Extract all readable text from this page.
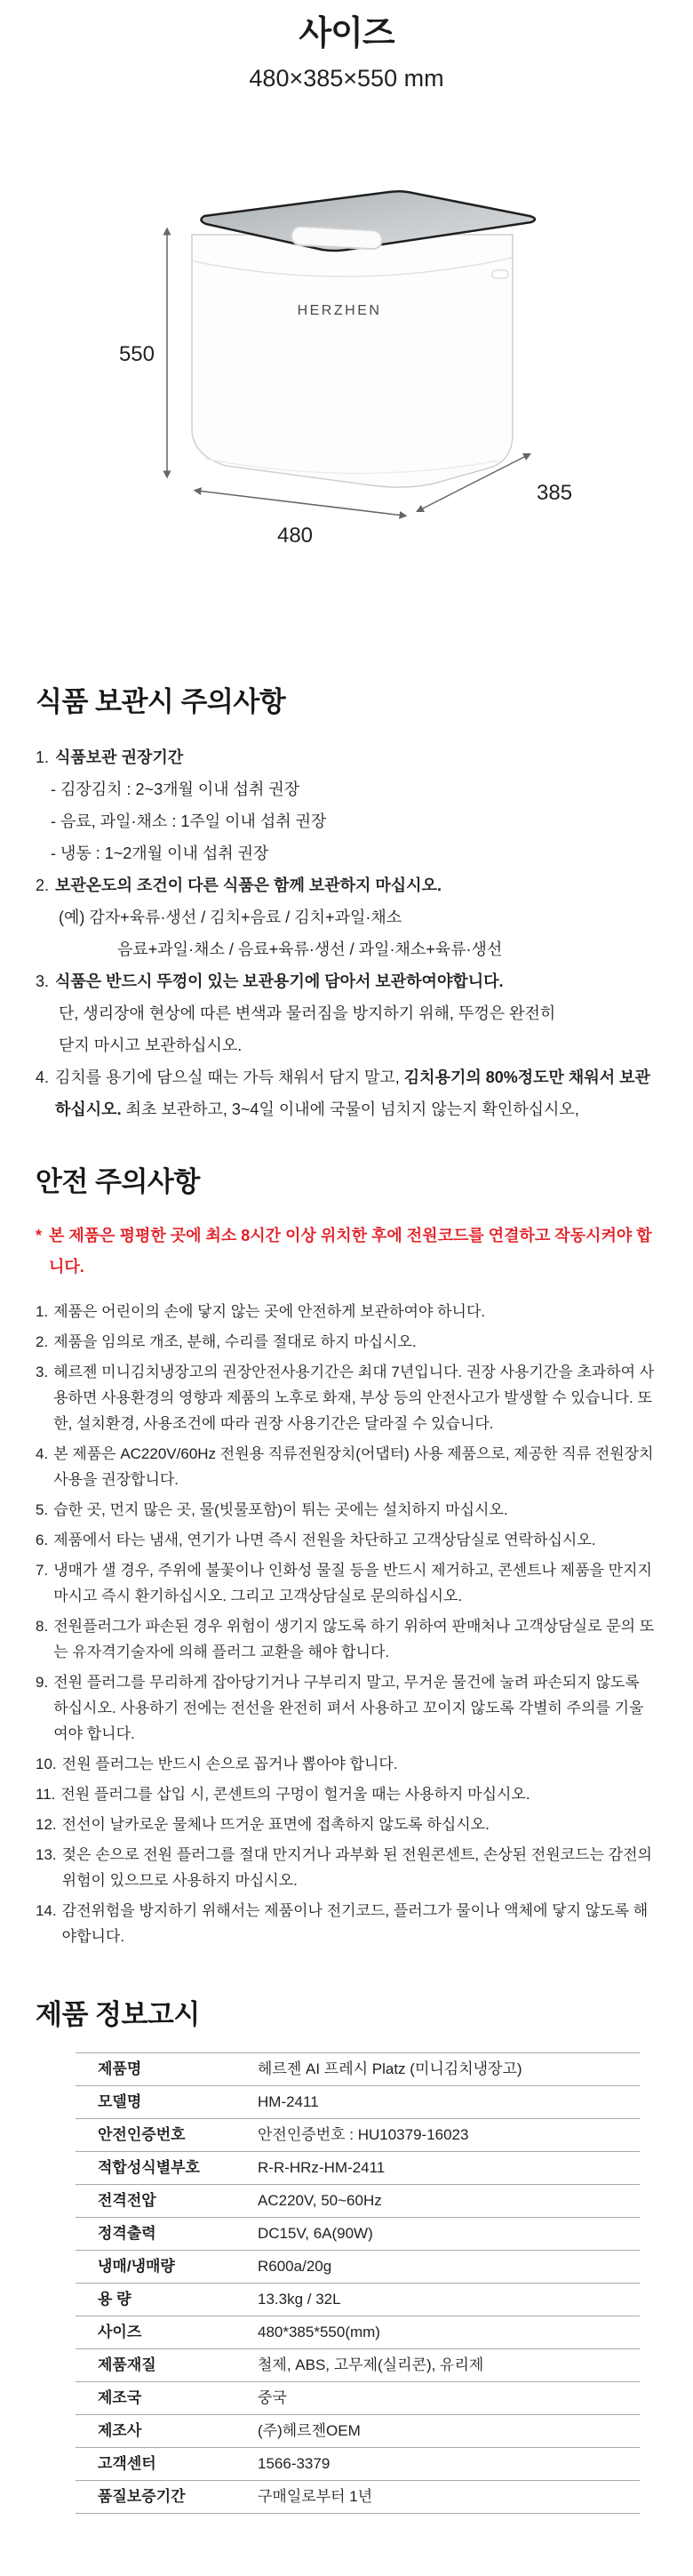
사이즈
480×385×550 mm
HERZHEN
550
480
385
식품 보관시 주의사항
1. 식품보관 권장기간
- 김장김치 : 2~3개월 이내 섭취 권장
- 음료, 과일·채소 : 1주일 이내 섭취 권장
- 냉동 : 1~2개월 이내 섭취 권장
2. 보관온도의 조건이 다른 식품은 함께 보관하지 마십시오.
(예) 감자+육류·생선 / 김치+음료 / 김치+과일·채소
음료+과일·채소 / 음료+육류·생선 / 과일·채소+육류·생선
3. 식품은 반드시 뚜껑이 있는 보관용기에 담아서 보관하여야합니다.
단, 생리장애 현상에 따른 변색과 물러짐을 방지하기 위해, 뚜껑은 완전히
닫지 마시고 보관하십시오.
4. 김치를 용기에 담으실 때는 가득 채워서 담지 말고, 김치용기의 80%정도만 채워서 보관하십시오. 최초 보관하고, 3~4일 이내에 국물이 넘치지 않는지 확인하십시오,
안전 주의사항
* 본 제품은 평평한 곳에 최소 8시간 이상 위치한 후에 전원코드를 연결하고 작동시켜야 합니다.
1. 제품은 어린이의 손에 닿지 않는 곳에 안전하게 보관하여야 하니다.
2. 제품을 임의로 개조, 분해, 수리를 절대로 하지 마십시오.
3. 헤르젠 미니김치냉장고의 권장안전사용기간은 최대 7년입니다. 권장 사용기간을 초과하여 사용하면 사용환경의 영향과 제품의 노후로 화재, 부상 등의 안전사고가 발생할 수 있습니다. 또한, 설치환경, 사용조건에 따라 권장 사용기간은 달라질 수 있습니다.
4. 본 제품은 AC220V/60Hz 전원용 직류전원장치(어댑터) 사용 제품으로, 제공한 직류 전원장치 사용을 권장합니다.
5. 습한 곳, 먼지 많은 곳, 물(빗물포함)이 튀는 곳에는 설치하지 마십시오.
6. 제품에서 타는 냄새, 연기가 나면 즉시 전원을 차단하고 고객상담실로 연락하십시오.
7. 냉매가 샐 경우, 주위에 불꽃이나 인화성 물질 등을 반드시 제거하고, 콘센트나 제품을 만지지 마시고 즉시 환기하십시오. 그리고 고객상담실로 문의하십시오.
8. 전원플러그가 파손된 경우 위험이 생기지 않도록 하기 위하여 판매처나 고객상담실로 문의 또는 유자격기술자에 의해 플러그 교환을 해야 합니다.
9. 전원 플러그를 무리하게 잡아당기거나 구부리지 말고, 무거운 물건에 눌려 파손되지 않도록 하십시오. 사용하기 전에는 전선을 완전히 펴서 사용하고 꼬이지 않도록 각별히 주의를 기울여야 합니다.
10. 전원 플러그는 반드시 손으로 꼽거나 뽑아야 합니다.
11. 전원 플러그를 삽입 시, 콘센트의 구멍이 헐거울 때는 사용하지 마십시오.
12. 전선이 날카로운 물체나 뜨거운 표면에 접촉하지 않도록 하십시오.
13. 젖은 손으로 전원 플러그를 절대 만지거나 과부화 된 전원콘센트, 손상된 전원코드는 감전의 위험이 있으므로 사용하지 마십시오.
14. 감전위험을 방지하기 위해서는 제품이나 전기코드, 플러그가 물이나 액체에 닿지 않도록 해야합니다.
제품 정보고시
제품명	헤르젠 AI 프레시 Platz (미니김치냉장고)
모델명	HM-2411
안전인증번호	안전인증번호 : HU10379-16023
적합성식별부호	R-R-HRz-HM-2411
전격전압	AC220V, 50~60Hz
정격출력	DC15V, 6A(90W)
냉매/냉매량	R600a/20g
용 량	13.3kg / 32L
사이즈	480*385*550(mm)
제품재질	철제, ABS, 고무제(실리콘), 유리제
제조국	중국
제조사	(주)헤르젠OEM
고객센터	1566-3379
품질보증기간	구매일로부터 1년
